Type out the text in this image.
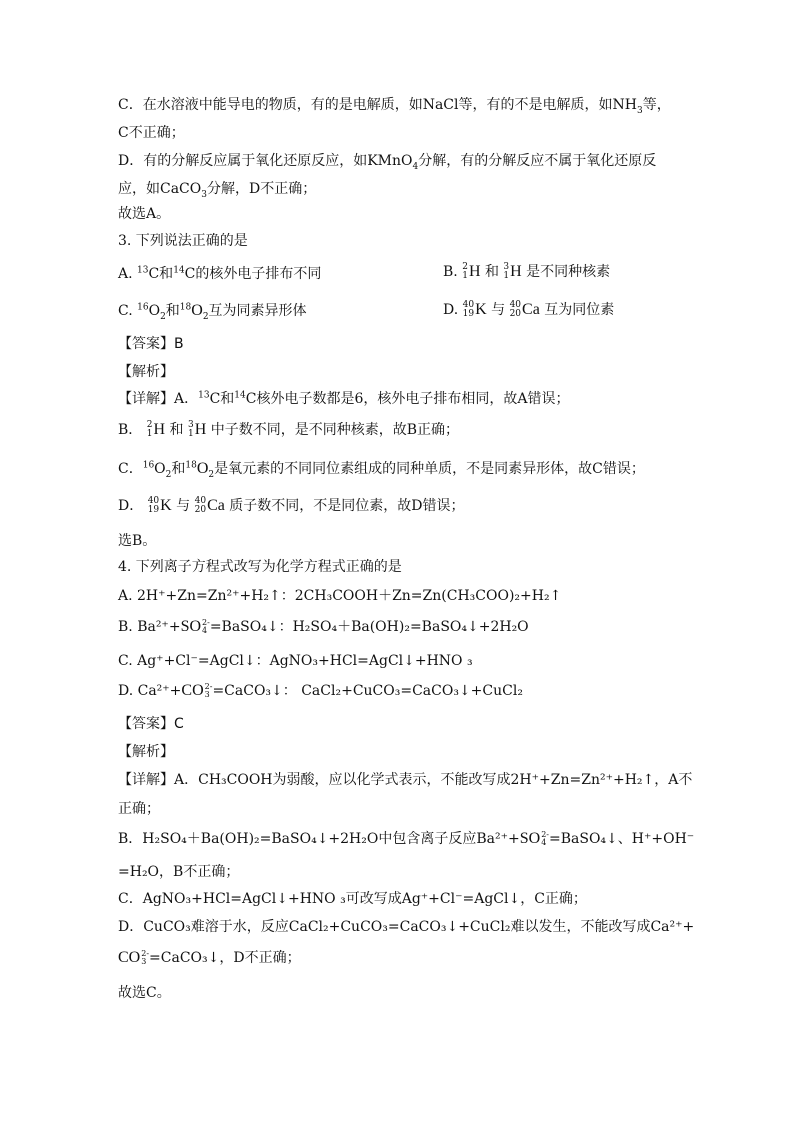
C．在水溶液中能导电的物质，有的是电解质，如NaCl等，有的不是电解质，如$NH_3$等，
C不正确；
D．有的分解反应属于氧化还原反应，如KMnO$_4$分解，有的分解反应不属于氧化还原反
应，如CaCO$_3$分解，D不正确；
故选A。
3. 下列说法正确的是
A. $^{13}$C和$^{14}$C的核外电子排布不同	B. 2
1 H 和 3
1 H 是不同种核素
C. $^{16}O_2$和$^{18}O_2$互为同素异形体	D. 40
19 K 与 40
20 Ca 互为同位素
【答案】B
【解析】
【详解】A．$^{13}$C和$^{14}$C核外电子数都是6，核外电子排布相同，故A错误；
B． 2
1 H 和 3
1 H 中子数不同，是不同种核素，故B正确；
C．$^{16}O_2$和$^{18}O_2$是氧元素的不同同位素组成的同种单质，不是同素异形体，故C错误；
D． 40
19 K 与 40
20 Ca 质子数不同，不是同位素，故D错误；
选B。
4. 下列离子方程式改写为化学方程式正确的是
A. 2H⁺+Zn=Zn²⁺+H₂↑：2CH₃COOH＋Zn=Zn(CH₃COO)₂+H₂↑
B. Ba²⁺+ SO 2-
4 =BaSO₄↓：H₂SO₄＋Ba(OH)₂=BaSO₄↓+2H₂O
C. Ag⁺+Cl⁻=AgCl↓：AgNO₃+HCl=AgCl↓+HNO ₃
D. Ca²⁺+ CO 2-
3 =CaCO₃↓： CaCl₂+CuCO₃=CaCO₃↓+CuCl₂
【答案】C
【解析】
【详解】A．CH₃COOH为弱酸，应以化学式表示，不能改写成2H⁺+Zn=Zn²⁺+H₂↑，A不
正确；
B．H₂SO₄＋Ba(OH)₂=BaSO₄↓+2H₂O中包含离子反应Ba²⁺+ SO 2-
4 =BaSO₄↓、H⁺+OH⁻
=H₂O，B不正确；
C．AgNO₃+HCl=AgCl↓+HNO ₃可改写成Ag⁺+Cl⁻=AgCl↓，C正确；
D．CuCO₃难溶于水，反应CaCl₂+CuCO₃=CaCO₃↓+CuCl₂难以发生，不能改写成Ca²⁺+
CO 2-
3 =CaCO₃↓，D不正确；
故选C。
